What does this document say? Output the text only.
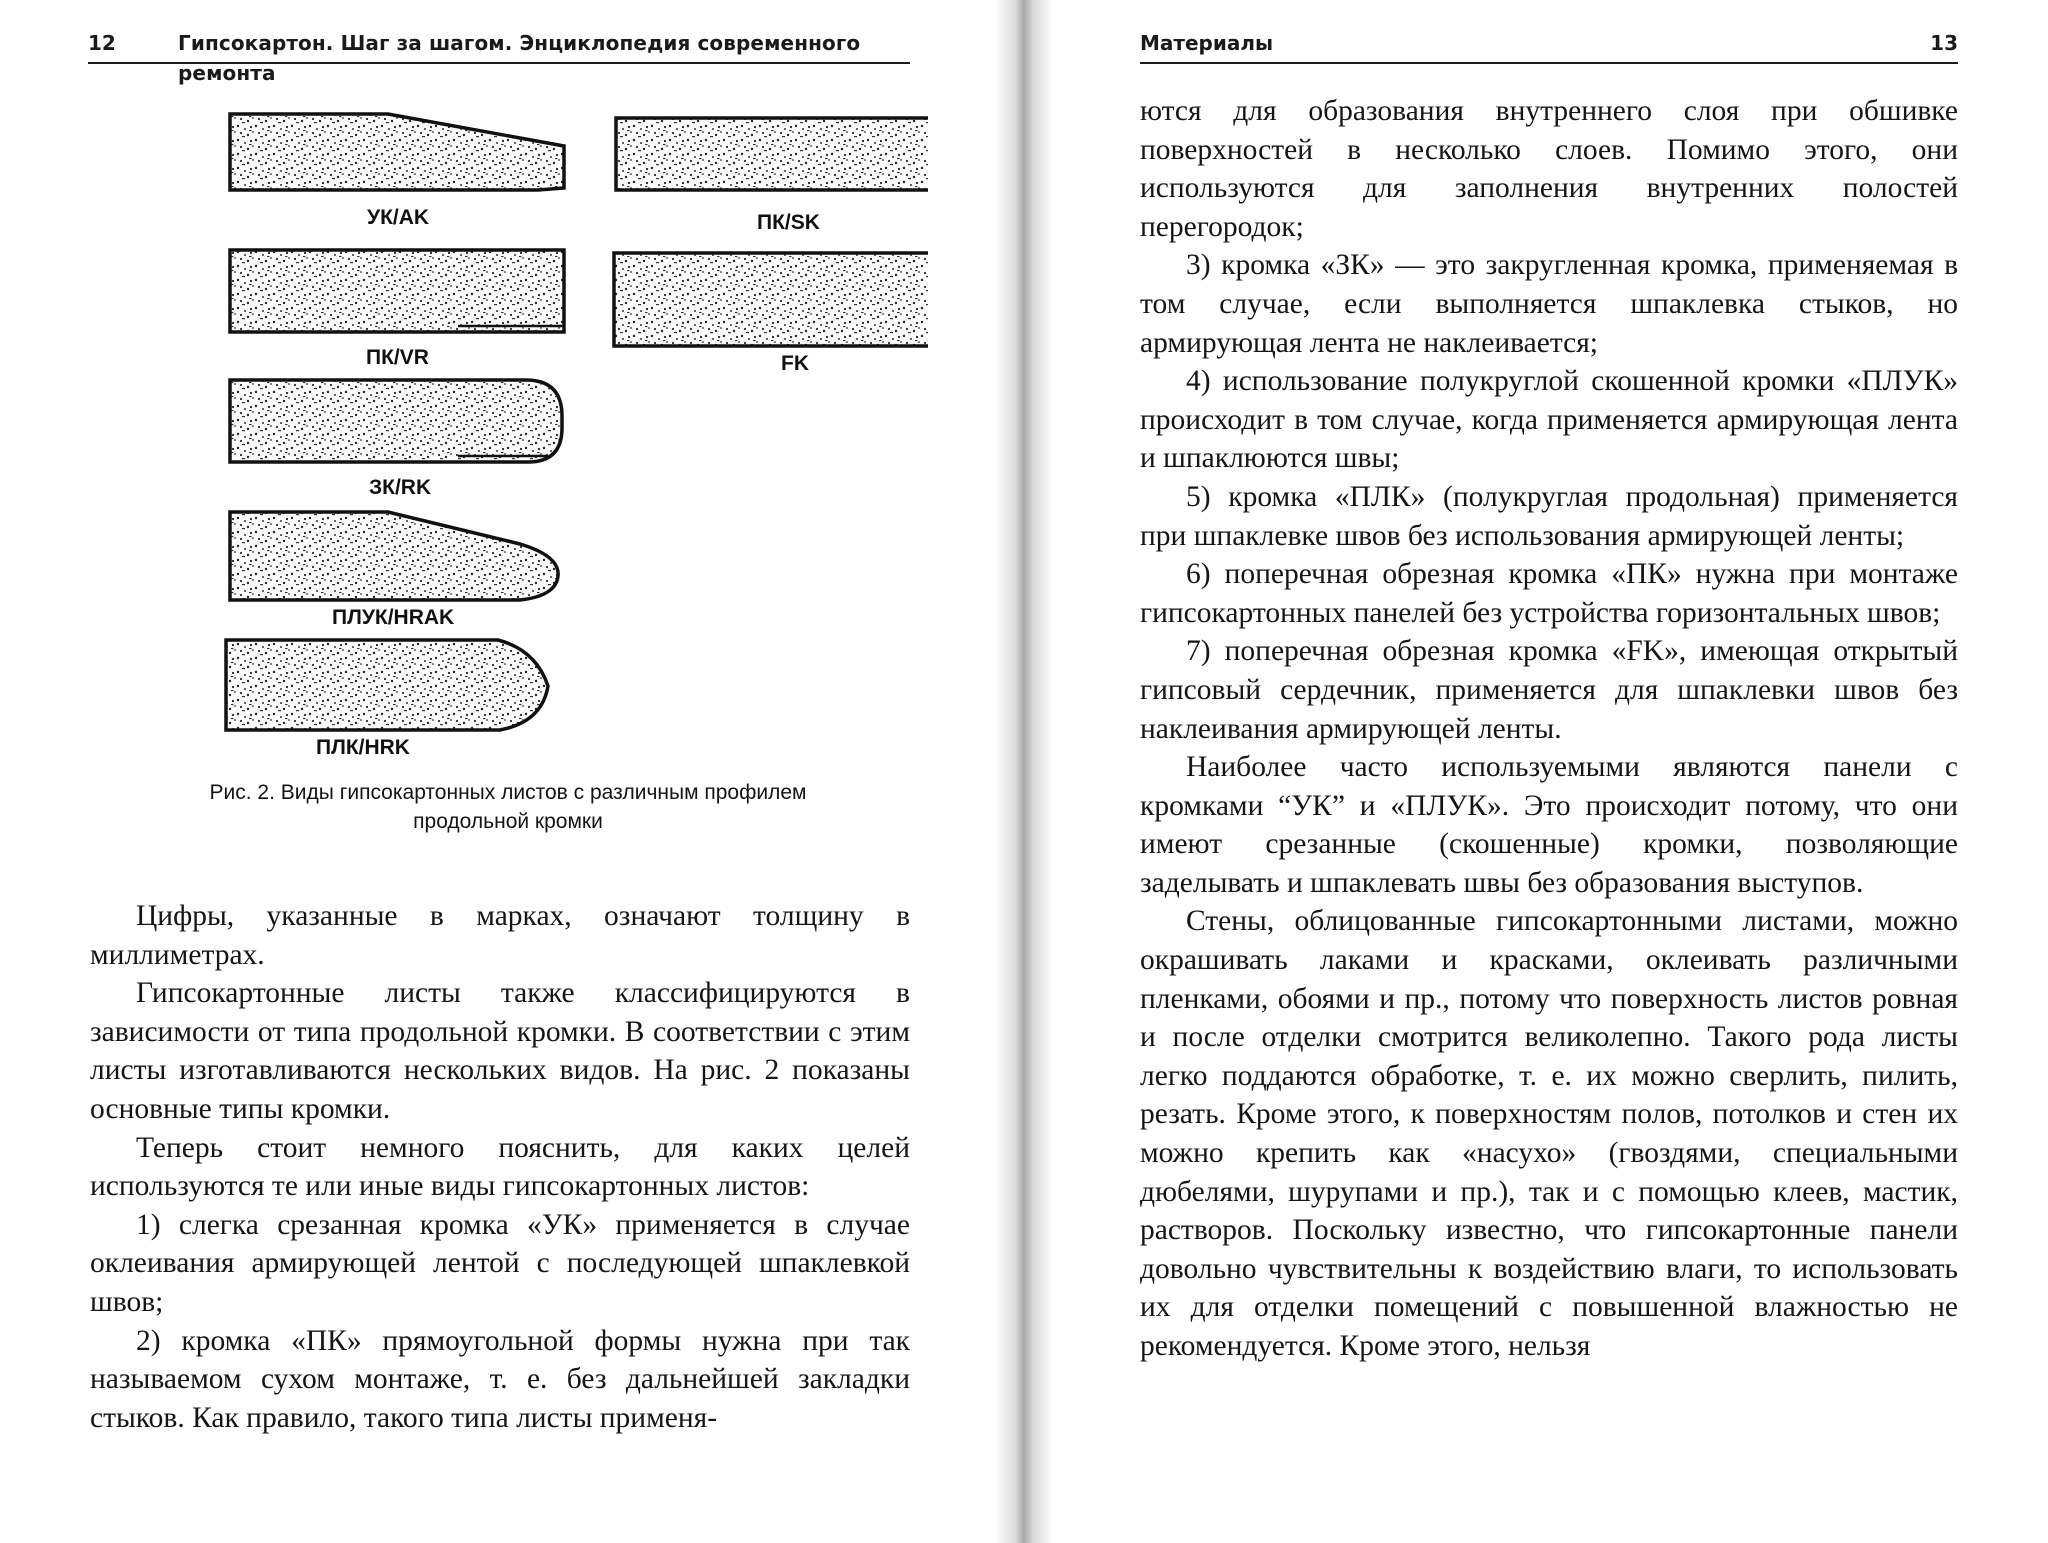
12	Гипсокартон. Шаг за шагом. Энциклопедия современного ремонта
УК/AK	ПК/SK
ПК/VR	FK
ЗК/RK
ПЛУК/HRAK
ПЛК/HRK
Рис. 2. Виды гипсокартонных листов с различным профилем
продольной кромки

Цифры, указанные в марках, означают толщину в миллиметрах.

Гипсокартонные листы также классифицируются в зависимости от типа продольной кромки. В соответствии с этим листы изготавливаются нескольких видов. На рис. 2 показаны основные типы кромки.

Теперь стоит немного пояснить, для каких целей используются те или иные виды гипсокартонных листов:

1) слегка срезанная кромка «УК» применяется в случае оклеивания армирующей лентой с последующей шпаклевкой швов;

2) кромка «ПК» прямоугольной формы нужна при так называемом сухом монтаже, т. е. без дальнейшей закладки стыков. Как правило, такого типа листы применя-

Материалы	13

ются для образования внутреннего слоя при обшивке поверхностей в несколько слоев. Помимо этого, они используются для заполнения внутренних полостей перегородок;

3) кромка «ЗК» — это закругленная кромка, применяемая в том случае, если выполняется шпаклевка стыков, но армирующая лента не наклеивается;

4) использование полукруглой скошенной кромки «ПЛУК» происходит в том случае, когда применяется армирующая лента и шпаклюются швы;

5) кромка «ПЛК» (полукруглая продольная) применяется при шпаклевке швов без использования армирующей ленты;

6) поперечная обрезная кромка «ПК» нужна при монтаже гипсокартонных панелей без устройства горизонтальных швов;

7) поперечная обрезная кромка «FK», имеющая открытый гипсовый сердечник, применяется для шпаклевки швов без наклеивания армирующей ленты.

Наиболее часто используемыми являются панели с кромками “УК” и «ПЛУК». Это происходит потому, что они имеют срезанные (скошенные) кромки, позволяющие заделывать и шпаклевать швы без образования выступов.

Стены, облицованные гипсокартонными листами, можно окрашивать лаками и красками, оклеивать различными пленками, обоями и пр., потому что поверхность листов ровная и после отделки смотрится великолепно. Такого рода листы легко поддаются обработке, т. е. их можно сверлить, пилить, резать. Кроме этого, к поверхностям полов, потолков и стен их можно крепить как «насухо» (гвоздями, специальными дюбелями, шурупами и пр.), так и с помощью клеев, мастик, растворов. Поскольку известно, что гипсокартонные панели довольно чувствительны к воздействию влаги, то использовать их для отделки помещений с повышенной влажностью не рекомендуется. Кроме этого, нельзя
